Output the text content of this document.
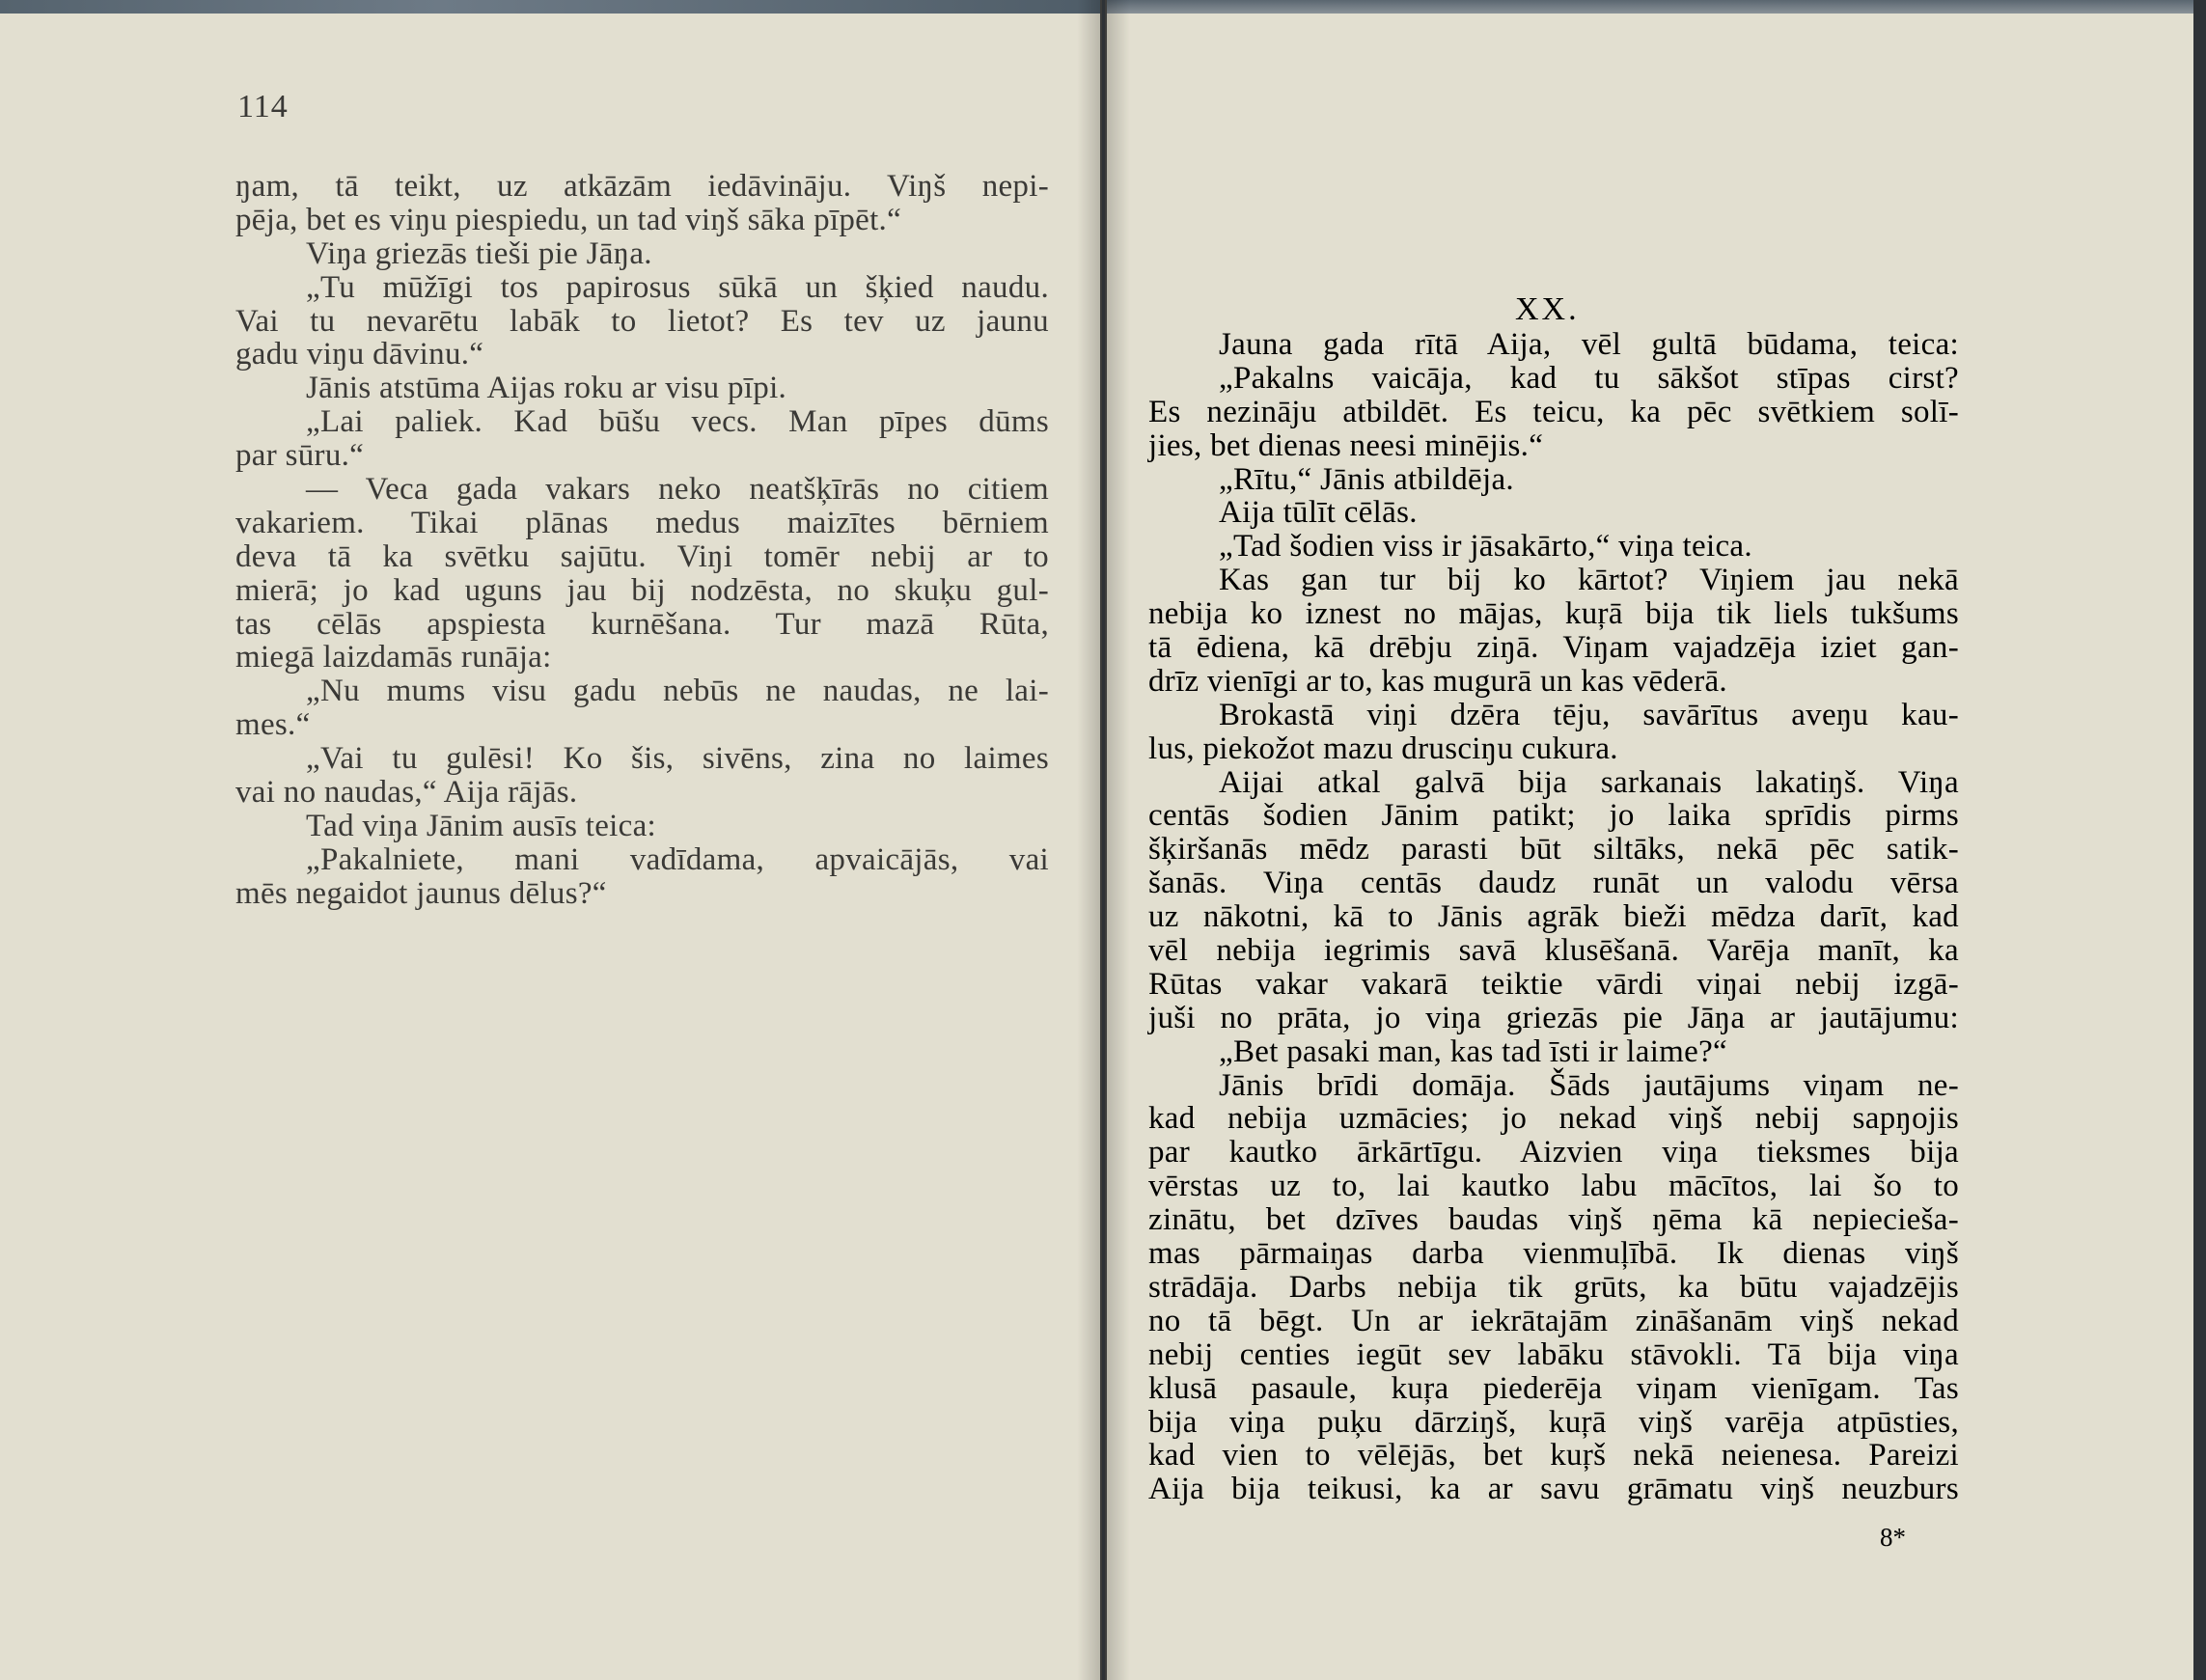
114
ŋam, tā teikt, uz atkāzām iedāvināju. Viŋš nepi-
pēja, bet es viŋu piespiedu, un tad viŋš sāka pīpēt.“
Viŋa griezās tieši pie Jāŋa.
„Tu mūžīgi tos papirosus sūkā un šķied naudu.
Vai tu nevarētu labāk to lietot? Es tev uz jaunu
gadu viŋu dāvinu.“
Jānis atstūma Aijas roku ar visu pīpi.
„Lai paliek. Kad būšu vecs. Man pīpes dūms
par sūru.“
— Veca gada vakars neko neatšķīrās no citiem
vakariem. Tikai plānas medus maizītes bērniem
deva tā ka svētku sajūtu. Viŋi tomēr nebij ar to
mierā; jo kad uguns jau bij nodzēsta, no skuķu gul-
tas cēlās apspiesta kurnēšana. Tur mazā Rūta,
miegā laizdamās runāja:
„Nu mums visu gadu nebūs ne naudas, ne lai-
mes.“
„Vai tu gulēsi! Ko šis, sivēns, zina no laimes
vai no naudas,“ Aija rājās.
Tad viŋa Jānim ausīs teica:
„Pakalniete, mani vadīdama, apvaicājās, vai
mēs negaidot jaunus dēlus?“
XX.
Jauna gada rītā Aija, vēl gultā būdama, teica:
„Pakalns vaicāja, kad tu sākšot stīpas cirst?
Es nezināju atbildēt. Es teicu, ka pēc svētkiem solī-
jies, bet dienas neesi minējis.“
„Rītu,“ Jānis atbildēja.
Aija tūlīt cēlās.
„Tad šodien viss ir jāsakārto,“ viŋa teica.
Kas gan tur bij ko kārtot? Viŋiem jau nekā
nebija ko iznest no mājas, kuŗā bija tik liels tukšums
tā ēdiena, kā drēbju ziŋā. Viŋam vajadzēja iziet gan-
drīz vienīgi ar to, kas mugurā un kas vēderā.
Brokastā viŋi dzēra tēju, savārītus aveŋu kau-
lus, piekožot mazu drusciŋu cukura.
Aijai atkal galvā bija sarkanais lakatiŋš. Viŋa
centās šodien Jānim patikt; jo laika sprīdis pirms
šķiršanās mēdz parasti būt siltāks, nekā pēc satik-
šanās. Viŋa centās daudz runāt un valodu vērsa
uz nākotni, kā to Jānis agrāk bieži mēdza darīt, kad
vēl nebija iegrimis savā klusēšanā. Varēja manīt, ka
Rūtas vakar vakarā teiktie vārdi viŋai nebij izgā-
juši no prāta, jo viŋa griezās pie Jāŋa ar jautājumu:
„Bet pasaki man, kas tad īsti ir laime?“
Jānis brīdi domāja. Šāds jautājums viŋam ne-
kad nebija uzmācies; jo nekad viŋš nebij sapŋojis
par kautko ārkārtīgu. Aizvien viŋa tieksmes bija
vērstas uz to, lai kautko labu mācītos, lai šo to
zinātu, bet dzīves baudas viŋš ŋēma kā nepieciešа-
mas pārmaiŋas darba vienmuļībā. Ik dienas viŋš
strādāja. Darbs nebija tik grūts, ka būtu vajadzējis
no tā bēgt. Un ar iekrātajām zināšanām viŋš nekad
nebij centies iegūt sev labāku stāvokli. Tā bija viŋa
klusā pasaule, kuŗa piederēja viŋam vienīgam. Tas
bija viŋa puķu dārziŋš, kuŗā viŋš varēja atpūsties,
kad vien to vēlējās, bet kuŗš nekā neienesa. Pareizi
Aija bija teikusi, ka ar savu grāmatu viŋš neuzburs
8*
